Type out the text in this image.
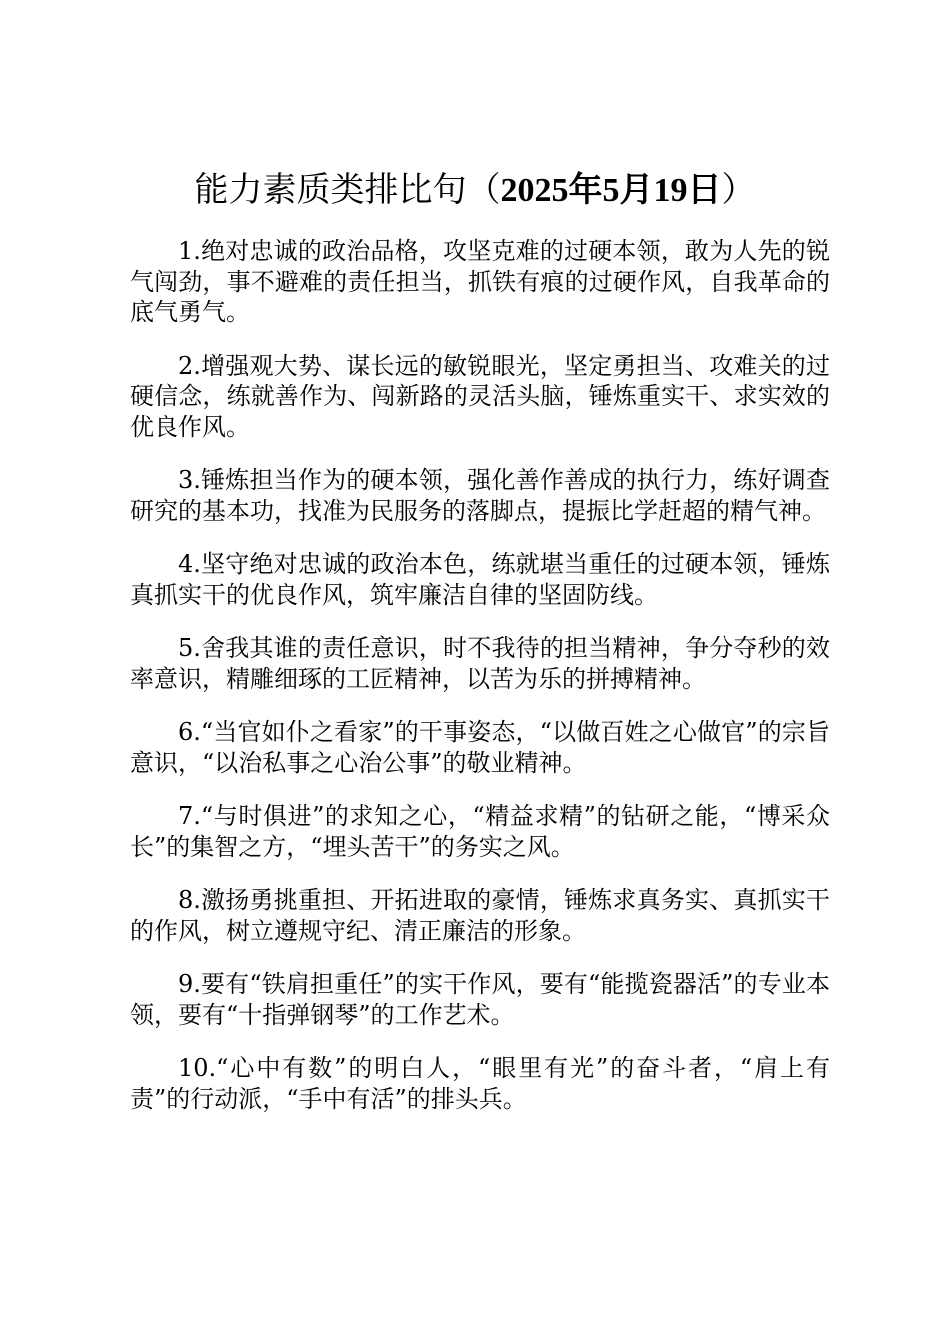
能力素质类排比句（2025年5月19日）

1.绝对忠诚的政治品格，攻坚克难的过硬本领，敢为人先的锐气闯劲，事不避难的责任担当，抓铁有痕的过硬作风，自我革命的底气勇气。

2.增强观大势、谋长远的敏锐眼光，坚定勇担当、攻难关的过硬信念，练就善作为、闯新路的灵活头脑，锤炼重实干、求实效的优良作风。

3.锤炼担当作为的硬本领，强化善作善成的执行力，练好调查研究的基本功，找准为民服务的落脚点，提振比学赶超的精气神。

4.坚守绝对忠诚的政治本色，练就堪当重任的过硬本领，锤炼真抓实干的优良作风，筑牢廉洁自律的坚固防线。

5.舍我其谁的责任意识，时不我待的担当精神，争分夺秒的效率意识，精雕细琢的工匠精神，以苦为乐的拼搏精神。

6.“当官如仆之看家”的干事姿态，“以做百姓之心做官”的宗旨意识，“以治私事之心治公事”的敬业精神。

7.“与时俱进”的求知之心，“精益求精”的钻研之能，“博采众长”的集智之方，“埋头苦干”的务实之风。

8.激扬勇挑重担、开拓进取的豪情，锤炼求真务实、真抓实干的作风，树立遵规守纪、清正廉洁的形象。

9.要有“铁肩担重任”的实干作风，要有“能揽瓷器活”的专业本领，要有“十指弹钢琴”的工作艺术。

10.“心中有数”的明白人，“眼里有光”的奋斗者，“肩上有责”的行动派，“手中有活”的排头兵。
